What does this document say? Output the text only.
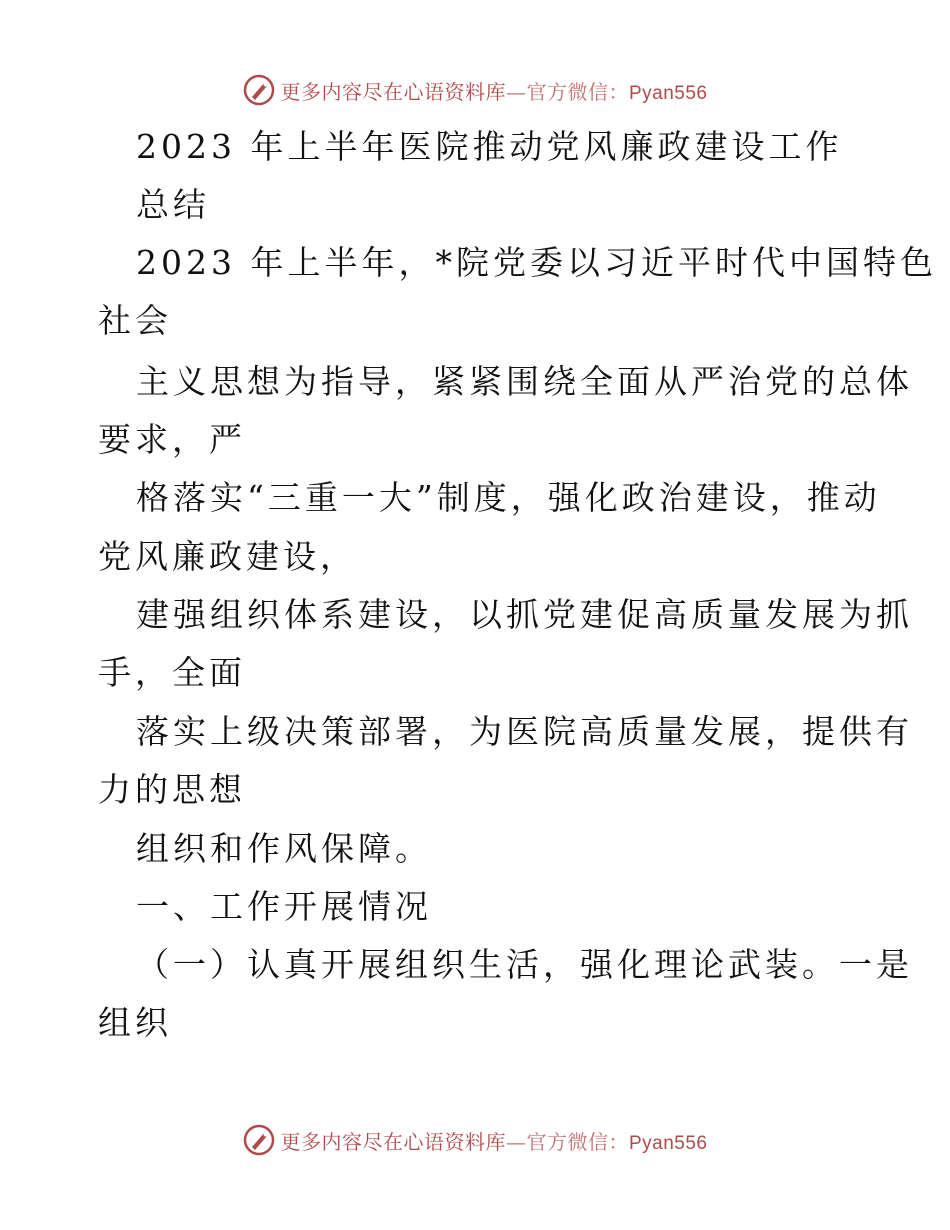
更多内容尽在心语资料库—官方微信：Pyan556
2023 年上半年医院推动党风廉政建设工作
总结
2023 年上半年，*院党委以习近平时代中国特色
社会
主义思想为指导，紧紧围绕全面从严治党的总体
要求，严
格落实“三重一大”制度，强化政治建设，推动
党风廉政建设，
建强组织体系建设，以抓党建促高质量发展为抓
手，全面
落实上级决策部署，为医院高质量发展，提供有
力的思想
组织和作风保障。
一、工作开展情况
（一）认真开展组织生活，强化理论武装。一是
组织
更多内容尽在心语资料库—官方微信：Pyan556
